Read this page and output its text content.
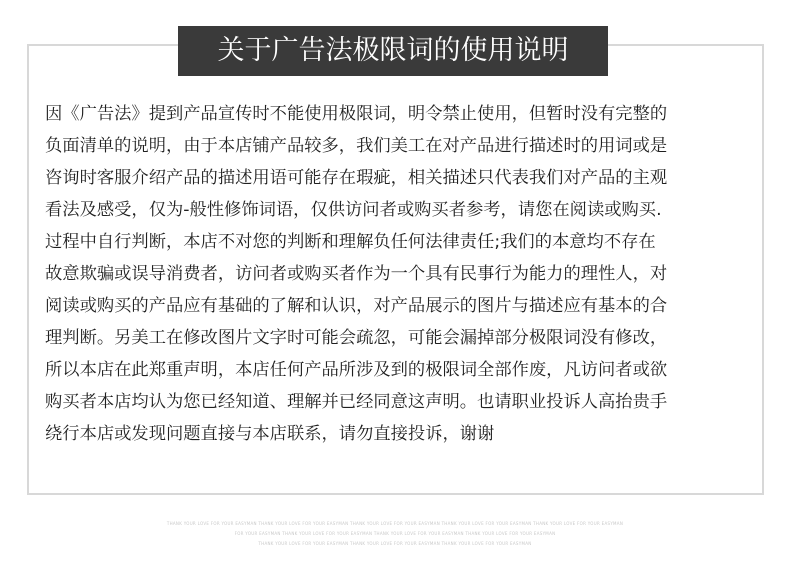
关于广告法极限词的使用说明
因《广告法》提到产品宣传时不能使用极限词，明令禁止使用，但暂时没有完整的
负面清单的说明，由于本店铺产品较多，我们美工在对产品进行描述时的用词或是
咨询时客服介绍产品的描述用语可能存在瑕疵，相关描述只代表我们对产品的主观
看法及感受，仅为-般性修饰词语，仅供访问者或购买者参考，请您在阅读或购买.
过程中自行判断，本店不对您的判断和理解负任何法律责任;我们的本意均不存在
故意欺骗或误导消费者，访问者或购买者作为一个具有民事行为能力的理性人，对
阅读或购买的产品应有基础的了解和认识，对产品展示的图片与描述应有基本的合
理判断。另美工在修改图片文字时可能会疏忽，可能会漏掉部分极限词没有修改，
所以本店在此郑重声明，本店任何产品所涉及到的极限词全部作废，凡访问者或欲
购买者本店均认为您已经知道、理解并已经同意这声明。也请职业投诉人高抬贵手
绕行本店或发现问题直接与本店联系，请勿直接投诉，谢谢
THANK YOUR LOVE FOR YOUR EASYMAN THANK YOUR LOVE FOR YOUR EASYMAN THANK YOUR LOVE FOR YOUR EASYMAN THANK YOUR LOVE FOR YOUR EASYMAN THANK YOUR LOVE FOR YOUR EASYMAN
FOR YOUR EASYMAN THANK YOUR LOVE FOR YOUR EASYMAN THANK YOUR LOVE FOR YOUR EASYMAN THANK YOUR LOVE FOR YOUR EASYMAN
THANK YOUR LOVE FOR YOUR EASYMAN THANK YOUR LOVE FOR YOUR EASYMAN THANK YOUR LOVE FOR YOUR EASYMAN
